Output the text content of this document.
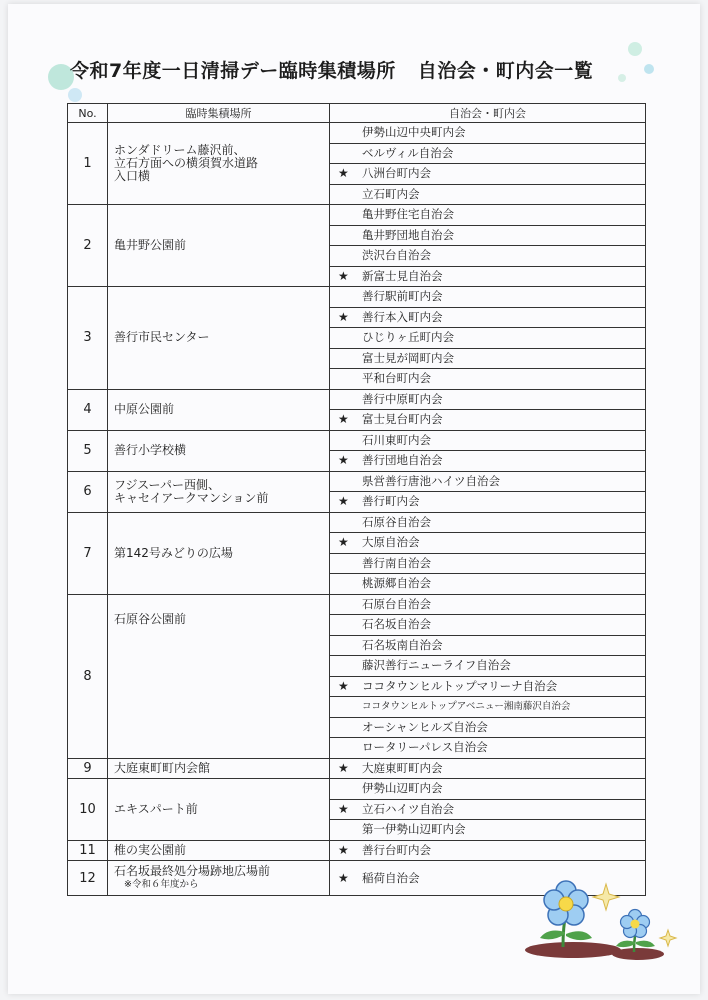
令和7年度一日清掃デー臨時集積場所 自治会・町内会一覧
No.	臨時集積場所	自治会・町内会
1	ホンダドリーム藤沢前、
立石方面への横須賀水道路
入口横	伊勢山辺中央町内会
		ベルヴィル自治会
		★ 八洲台町内会
		立石町内会
2	亀井野公園前	亀井野住宅自治会
		亀井野団地自治会
		渋沢台自治会
		★ 新富士見自治会
3	善行市民センター	善行駅前町内会
		★ 善行本入町内会
		ひじりヶ丘町内会
		富士見が岡町内会
		平和台町内会
4	中原公園前	善行中原町内会
		★ 富士見台町内会
5	善行小学校横	石川東町内会
		★ 善行団地自治会
6	フジスーパー西側、
キャセイアークマンション前	県営善行唐池ハイツ自治会
		★ 善行町内会
7	第142号みどりの広場	石原谷自治会
		★ 大原自治会
		善行南自治会
		桃源郷自治会
8	石原谷公園前	石原台自治会
		石名坂自治会
		石名坂南自治会
		藤沢善行ニューライフ自治会
		★ ココタウンヒルトップマリーナ自治会
		ココタウンヒルトップアベニュー湘南藤沢自治会
		オーシャンヒルズ自治会
		ロータリーパレス自治会
9	大庭東町町内会館	★ 大庭東町町内会
10	エキスパート前	伊勢山辺町内会
		★ 立石ハイツ自治会
		第一伊勢山辺町内会
11	椎の実公園前	★ 善行台町内会
12	石名坂最終処分場跡地広場前
※令和６年度から	★ 稲荷自治会
